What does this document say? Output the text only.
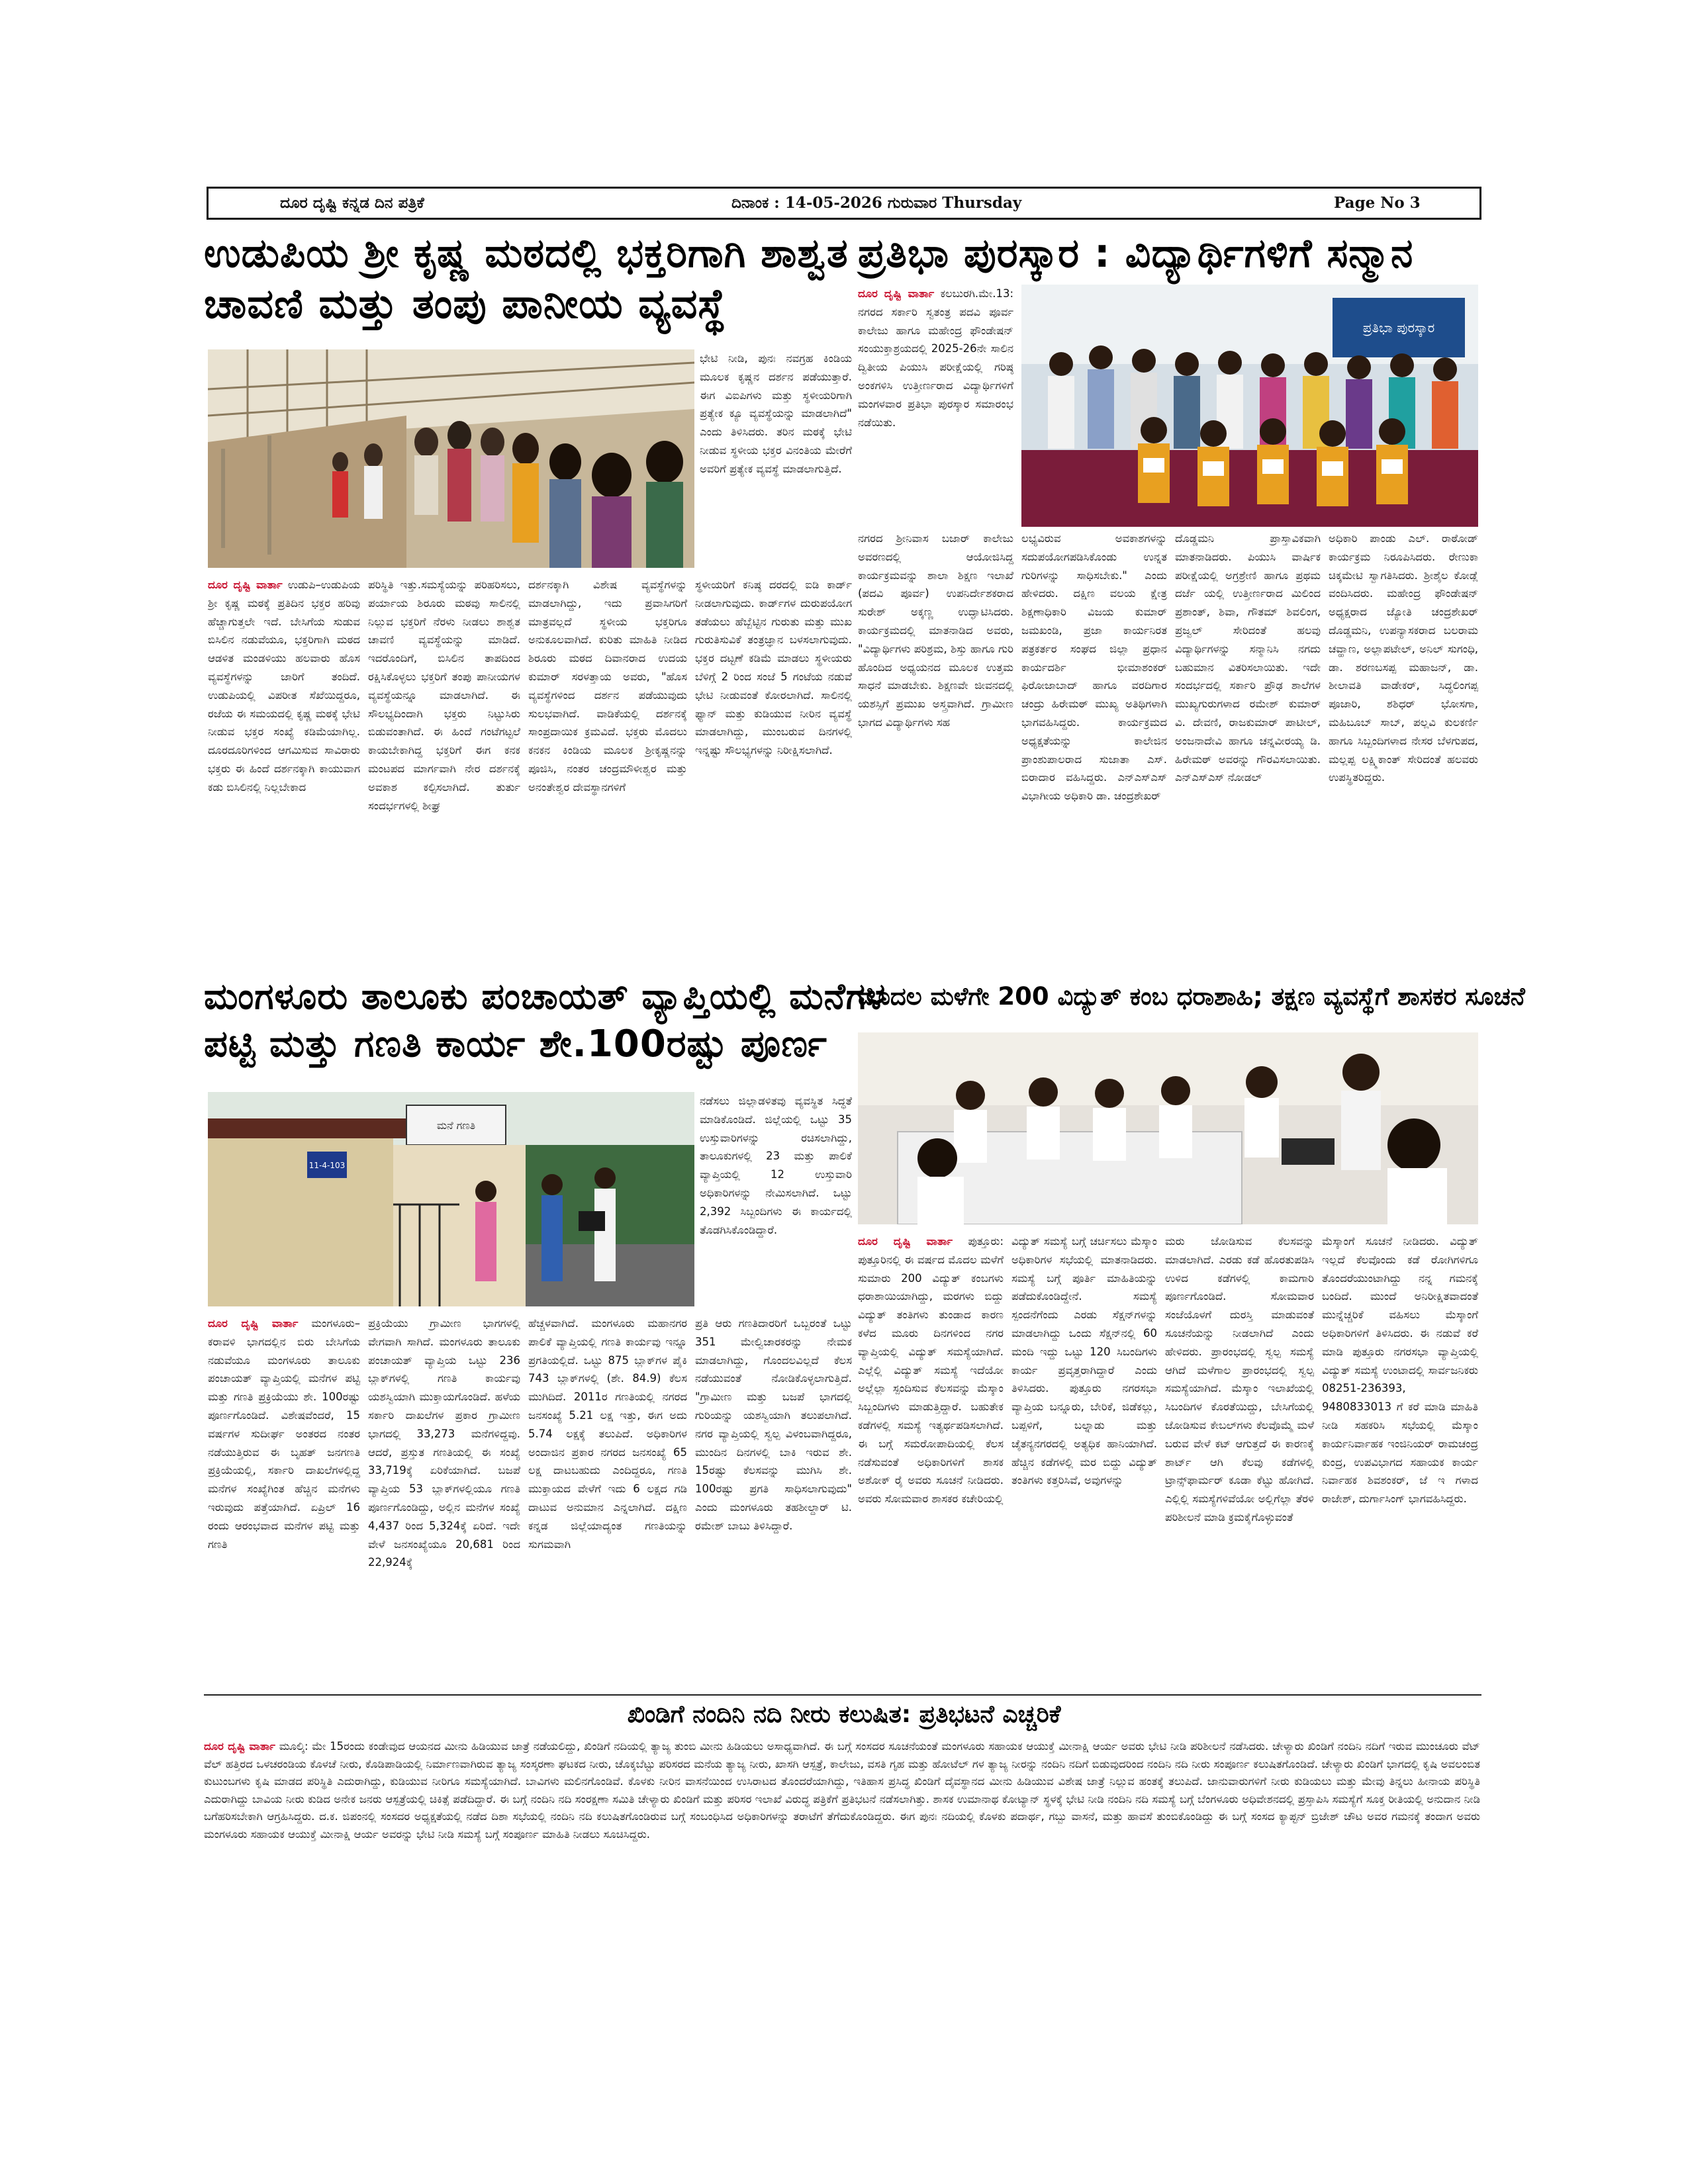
ದೂರ ದೃಷ್ಟಿ ಕನ್ನಡ ದಿನ ಪತ್ರಿಕೆ	ದಿನಾಂಕ : 14-05-2026 ಗುರುವಾರ Thursday	Page No 3
ಉಡುಪಿಯ ಶ್ರೀ ಕೃಷ್ಣ ಮಠದಲ್ಲಿ ಭಕ್ತರಿಗಾಗಿ ಶಾಶ್ವತ
ಚಾವಣಿ ಮತ್ತು ತಂಪು ಪಾನೀಯ ವ್ಯವಸ್ಥೆ

ಭೇಟಿ ನೀಡಿ, ಪುನಃ ನವಗ್ರಹ ಕಿಂಡಿಯ ಮೂಲಕ ಕೃಷ್ಣನ ದರ್ಶನ ಪಡೆಯುತ್ತಾರೆ. ಈಗ ವಿಐಪಿಗಳು ಮತ್ತು ಸ್ಥಳೀಯರಿಗಾಗಿ ಪ್ರತ್ಯೇಕ ಕ್ಯೂ ವ್ಯವಸ್ಥೆಯನ್ನು ಮಾಡಲಾಗಿದೆ" ಎಂದು ತಿಳಿಸಿದರು. ತರಿನ ಮಠಕ್ಕೆ ಭೇಟಿ ನೀಡುವ ಸ್ಥಳೀಯ ಭಕ್ತರ ವಿನಂತಿಯ ಮೇರೆಗೆ ಅವರಿಗೆ ಪ್ರತ್ಯೇಕ ವ್ಯವಸ್ಥೆ ಮಾಡಲಾಗುತ್ತಿದೆ.

ದೂರ ದೃಷ್ಟಿ ವಾರ್ತಾ ಉಡುಪಿ–ಉಡುಪಿಯ ಶ್ರೀ ಕೃಷ್ಣ ಮಠಕ್ಕೆ ಪ್ರತಿದಿನ ಭಕ್ತರ ಹರಿವು ಹೆಚ್ಚಾಗುತ್ತಲೇ ಇದೆ. ಬೇಸಿಗೆಯ ಸುಡುವ ಬಿಸಿಲಿನ ನಡುವೆಯೂ, ಭಕ್ತರಿಗಾಗಿ ಮಠದ ಆಡಳಿತ ಮಂಡಳಿಯು ಹಲವಾರು ಹೊಸ ವ್ಯವಸ್ಥೆಗಳನ್ನು ಜಾರಿಗೆ ತಂದಿದೆ. ಉಡುಪಿಯಲ್ಲಿ ವಿಪರೀತ ಸೆಖೆಯಿದ್ದರೂ, ರಜೆಯ ಈ ಸಮಯದಲ್ಲಿ ಕೃಷ್ಣ ಮಠಕ್ಕೆ ಭೇಟಿ ನೀಡುವ ಭಕ್ತರ ಸಂಖ್ಯೆ ಕಡಿಮೆಯಾಗಿಲ್ಲ. ದೂರದೂರಿಗಳಿಂದ ಆಗಮಿಸುವ ಸಾವಿರಾರು ಭಕ್ತರು ಈ ಹಿಂದೆ ದರ್ಶನಕ್ಕಾಗಿ ಕಾಯುವಾಗ ಕಡು ಬಿಸಿಲಿನಲ್ಲಿ ನಿಲ್ಲಬೇಕಾದ

ಪರಿಸ್ಥಿತಿ ಇತ್ತು.ಸಮಸ್ಯೆಯನ್ನು ಪರಿಹರಿಸಲು, ಪರ್ಯಾಯ ಶಿರೂರು ಮಠವು ಸಾಲಿನಲ್ಲಿ ನಿಲ್ಲುವ ಭಕ್ತರಿಗೆ ನೆರಳು ನೀಡಲು ಶಾಶ್ವತ ಚಾವಣಿ ವ್ಯವಸ್ಥೆಯನ್ನು ಮಾಡಿದೆ. ಇದರೊಂದಿಗೆ, ಬಿಸಿಲಿನ ತಾಪದಿಂದ ರಕ್ಷಿಸಿಕೊಳ್ಳಲು ಭಕ್ತರಿಗೆ ತಂಪು ಪಾನೀಯಗಳ ವ್ಯವಸ್ಥೆಯನ್ನೂ ಮಾಡಲಾಗಿದೆ. ಈ ಸೌಲಭ್ಯದಿಂದಾಗಿ ಭಕ್ತರು ನಿಟ್ಟುಸಿರು ಬಿಡುವಂತಾಗಿದೆ. ಈ ಹಿಂದೆ ಗಂಟೆಗಟ್ಟಲೆ ಕಾಯಬೇಕಾಗಿದ್ದ ಭಕ್ತರಿಗೆ ಈಗ ಕನಕ ಮಂಟಪದ ಮಾರ್ಗವಾಗಿ ನೇರ ದರ್ಶನಕ್ಕೆ ಅವಕಾಶ ಕಲ್ಪಿಸಲಾಗಿದೆ. ತುರ್ತು ಸಂದರ್ಭಗಳಲ್ಲಿ ಶೀಘ್ರ

ದರ್ಶನಕ್ಕಾಗಿ ವಿಶೇಷ ವ್ಯವಸ್ಥೆಗಳನ್ನು ಮಾಡಲಾಗಿದ್ದು, ಇದು ಪ್ರವಾಸಿಗರಿಗೆ ಮಾತ್ರವಲ್ಲದೆ ಸ್ಥಳೀಯ ಭಕ್ತರಿಗೂ ಅನುಕೂಲವಾಗಿದೆ. ಕುರಿತು ಮಾಹಿತಿ ನೀಡಿದ ಶಿರೂರು ಮಠದ ದಿವಾನರಾದ ಉದಯ ಕುಮಾರ್ ಸರಳತ್ತಾಯ ಅವರು, "ಹೊಸ ವ್ಯವಸ್ಥೆಗಳಿಂದ ದರ್ಶನ ಪಡೆಯುವುದು ಸುಲಭವಾಗಿದೆ. ವಾಡಿಕೆಯಲ್ಲಿ ದರ್ಶನಕ್ಕೆ ಸಾಂಪ್ರದಾಯಿಕ ಕ್ರಮವಿದೆ. ಭಕ್ತರು ಮೊದಲು ಕನಕನ ಕಿಂಡಿಯ ಮೂಲಕ ಶ್ರೀಕೃಷ್ಣನನ್ನು ಪೂಜಿಸಿ, ನಂತರ ಚಂದ್ರಮೌಳೀಶ್ವರ ಮತ್ತು ಅನಂತೇಶ್ವರ ದೇವಸ್ಥಾನಗಳಿಗೆ

ಸ್ಥಳೀಯರಿಗೆ ಕನಿಷ್ಠ ದರದಲ್ಲಿ ಐಡಿ ಕಾರ್ಡ್ ನೀಡಲಾಗುವುದು. ಕಾರ್ಡ್‌ಗಳ ದುರುಪಯೋಗ ತಡೆಯಲು ಹೆಬ್ಬೆಟ್ಟಿನ ಗುರುತು ಮತ್ತು ಮುಖ ಗುರುತಿಸುವಿಕೆ ತಂತ್ರಜ್ಞಾನ ಬಳಸಲಾಗುವುದು. ಭಕ್ತರ ದಟ್ಟಣೆ ಕಡಿಮೆ ಮಾಡಲು ಸ್ಥಳೀಯರು ಬೆಳಿಗ್ಗೆ 2 ರಿಂದ ಸಂಜೆ 5 ಗಂಟೆಯ ನಡುವೆ ಭೇಟಿ ನೀಡುವಂತೆ ಕೋರಲಾಗಿದೆ. ಸಾಲಿನಲ್ಲಿ ಫ್ಯಾನ್ ಮತ್ತು ಕುಡಿಯುವ ನೀರಿನ ವ್ಯವಸ್ಥೆ ಮಾಡಲಾಗಿದ್ದು, ಮುಂಬರುವ ದಿನಗಳಲ್ಲಿ ಇನ್ನಷ್ಟು ಸೌಲಭ್ಯಗಳನ್ನು ನಿರೀಕ್ಷಿಸಲಾಗಿದೆ.

ಪ್ರತಿಭಾ ಪುರಸ್ಕಾರ : ವಿದ್ಯಾರ್ಥಿಗಳಿಗೆ ಸನ್ಮಾನ

ದೂರ ದೃಷ್ಟಿ ವಾರ್ತಾ ಕಲಬುರಗಿ.ಮೇ.13: ನಗರದ ಸರ್ಕಾರಿ ಸ್ವತಂತ್ರ ಪದವಿ ಪೂರ್ವ ಕಾಲೇಜು ಹಾಗೂ ಮಹೇಂದ್ರ ಫೌಂಡೇಷನ್ ಸಂಯುಕ್ತಾಶ್ರಯದಲ್ಲಿ 2025-26ನೇ ಸಾಲಿನ ದ್ವಿತೀಯ ಪಿಯುಸಿ ಪರೀಕ್ಷೆಯಲ್ಲಿ ಗರಿಷ್ಠ ಅಂಕಗಳಿಸಿ ಉತ್ತೀರ್ಣರಾದ ವಿದ್ಯಾರ್ಥಿಗಳಿಗೆ ಮಂಗಳವಾರ ಪ್ರತಿಭಾ ಪುರಸ್ಕಾರ ಸಮಾರಂಭ ನಡೆಯಿತು.

ಪ್ರತಿಭಾ ಪುರಸ್ಕಾರ

ನಗರದ ಶ್ರೀನಿವಾಸ ಬಜಾರ್ ಕಾಲೇಜು ಅವರಣದಲ್ಲಿ ಆಯೋಜಿಸಿದ್ದ ಕಾರ್ಯಕ್ರಮವನ್ನು ಶಾಲಾ ಶಿಕ್ಷಣ ಇಲಾಖೆ (ಪದವಿ ಪೂರ್ವ) ಉಪನಿರ್ದೇಶಕರಾದ ಸುರೇಶ್ ಅಕ್ಕಣ್ಣ ಉದ್ಘಾಟಿಸಿದರು. ಕಾರ್ಯಕ್ರಮದಲ್ಲಿ ಮಾತನಾಡಿದ ಅವರು, "ವಿದ್ಯಾರ್ಥಿಗಳು ಪರಿಶ್ರಮ, ಶಿಸ್ತು ಹಾಗೂ ಗುರಿ ಹೊಂದಿದ ಅಧ್ಯಯನದ ಮೂಲಕ ಉತ್ತಮ ಸಾಧನೆ ಮಾಡಬೇಕು. ಶಿಕ್ಷಣವೇ ಜೀವನದಲ್ಲಿ ಯಶಸ್ಸಿಗೆ ಪ್ರಮುಖ ಅಸ್ತ್ರವಾಗಿದೆ. ಗ್ರಾಮೀಣ ಭಾಗದ ವಿದ್ಯಾರ್ಥಿಗಳು ಸಹ

ಲಭ್ಯವಿರುವ ಅವಕಾಶಗಳನ್ನು ಸದುಪಯೋಗಪಡಿಸಿಕೊಂಡು ಉನ್ನತ ಗುರಿಗಳನ್ನು ಸಾಧಿಸಬೇಕು." ಎಂದು ಹೇಳಿದರು. ದಕ್ಷಿಣ ವಲಯ ಕ್ಷೇತ್ರ ಶಿಕ್ಷಣಾಧಿಕಾರಿ ವಿಜಯ ಕುಮಾರ್ ಜಮಖಂಡಿ, ಪ್ರಜಾ ಕಾರ್ಯನಿರತ ಪತ್ರಕರ್ತರ ಸಂಘದ ಜಿಲ್ಲಾ ಪ್ರಧಾನ ಕಾರ್ಯದರ್ಶಿ ಭೀಮಾಶಂಕರ್ ಫಿರೋಜಾಬಾದ್ ಹಾಗೂ ವರದಿಗಾರ ಚಂದ್ರು ಹಿರೇಮಠ್ ಮುಖ್ಯ ಅತಿಥಿಗಳಾಗಿ ಭಾಗವಹಿಸಿದ್ದರು. ಕಾರ್ಯಕ್ರಮದ ಅಧ್ಯಕ್ಷತೆಯನ್ನು ಕಾಲೇಜಿನ ಪ್ರಾಂಶುಪಾಲರಾದ ಸುಜಾತಾ ಎಸ್. ಬಿರಾದಾರ ವಹಿಸಿದ್ದರು. ಎನ್‌ಎಸ್‌ಎಸ್ ವಿಭಾಗೀಯ ಅಧಿಕಾರಿ ಡಾ. ಚಂದ್ರಶೇಖರ್

ದೊಡ್ಡಮನಿ ಪ್ರಾಸ್ತಾವಿಕವಾಗಿ ಮಾತನಾಡಿದರು. ಪಿಯುಸಿ ವಾರ್ಷಿಕ ಪರೀಕ್ಷೆಯಲ್ಲಿ ಅಗ್ರಶ್ರೇಣಿ ಹಾಗೂ ಪ್ರಥಮ ದರ್ಜೆ ಯಲ್ಲಿ ಉತ್ತೀರ್ಣರಾದ ಮಿಲಿಂದ ಪ್ರಶಾಂತ್, ಶಿವಾ, ಗೌತಮ್ ಶಿವಲಿಂಗ, ಪ್ರಜ್ವಲ್ ಸೇರಿದಂತೆ ಹಲವು ವಿದ್ಯಾರ್ಥಿಗಳನ್ನು ಸನ್ಮಾನಿಸಿ ನಗದು ಬಹುಮಾನ ವಿತರಿಸಲಾಯಿತು. ಇದೇ ಸಂದರ್ಭದಲ್ಲಿ ಸರ್ಕಾರಿ ಪ್ರೌಢ ಶಾಲೆಗಳ ಮುಖ್ಯಗುರುಗಳಾದ ರಮೇಶ್ ಕುಮಾರ್ ವಿ. ದೇವಣಿ, ರಾಜಕುಮಾರ್ ಪಾಟೀಲ್, ಅಂಜನಾದೇವಿ ಹಾಗೂ ಚನ್ನವೀರಯ್ಯ ಡಿ. ಹಿರೇಮಠ್ ಅವರನ್ನು ಗೌರವಿಸಲಾಯಿತು. ಎನ್‌ಎಸ್‌ಎಸ್ ನೋಡಲ್

ಅಧಿಕಾರಿ ಪಾಂಡು ಎಲ್. ರಾಠೋಡ್ ಕಾರ್ಯಕ್ರಮ ನಿರೂಪಿಸಿದರು. ರೇಣುಕಾ ಚಿಕ್ಕಮೇಟಿ ಸ್ವಾಗತಿಸಿದರು. ಶ್ರೀಶೈಲ ಕೋಡ್ಲೆ ವಂದಿಸಿದರು. ಮಹೇಂದ್ರ ಫೌಂಡೇಷನ್ ಅಧ್ಯಕ್ಷರಾದ ಜ್ಯೋತಿ ಚಂದ್ರಶೇಖರ್ ದೊಡ್ಡಮನಿ, ಉಪನ್ಯಾಸಕರಾದ ಬಲರಾಮ ಚವ್ಹಾಣ, ಅಲ್ಲಾಪಟೇಲ್, ಅನಿಲ್ ಸುಗಂಧಿ, ಡಾ. ಶರಣಬಸಪ್ಪ ಮಹಾಜನ್, ಡಾ. ಶೀಲಾವತಿ ವಾಡೇಕರ್, ಸಿದ್ಧಲಿಂಗಪ್ಪ ಪೂಜಾರಿ, ಶಶಿಧರ್ ಭೋಸಗಾ, ಮಹಿಬೂಬ್ ಸಾಬ್, ಪಲ್ಲವಿ ಕುಲಕರ್ಣಿ ಹಾಗೂ ಸಿಬ್ಬಂದಿಗಳಾದ ನೇಸರ ಬೆಳಗುಪದ, ಮಲ್ಲಪ್ಪ ಲಕ್ಷ್ಮಿಕಾಂತ್ ಸೇರಿದಂತೆ ಹಲವರು ಉಪಸ್ಥಿತರಿದ್ದರು.

ಮಂಗಳೂರು ತಾಲೂಕು ಪಂಚಾಯತ್ ವ್ಯಾಪ್ತಿಯಲ್ಲಿ ಮನೆಗಳ
ಪಟ್ಟಿ ಮತ್ತು ಗಣತಿ ಕಾರ್ಯ ಶೇ.100ರಷ್ಟು ಪೂರ್ಣ
11-4-103
ಮನೆ ಗಣತಿ

ನಡೆಸಲು ಜಿಲ್ಲಾಡಳಿತವು ವ್ಯವಸ್ಥಿತ ಸಿದ್ಧತೆ ಮಾಡಿಕೊಂಡಿದೆ. ಜಿಲ್ಲೆಯಲ್ಲಿ ಒಟ್ಟು 35 ಉಸ್ತುವಾರಿಗಳನ್ನು ರಚಿಸಲಾಗಿದ್ದು, ತಾಲೂಕುಗಳಲ್ಲಿ 23 ಮತ್ತು ಪಾಲಿಕೆ ವ್ಯಾಪ್ತಿಯಲ್ಲಿ 12 ಉಸ್ತುವಾರಿ ಅಧಿಕಾರಿಗಳನ್ನು ನೇಮಿಸಲಾಗಿದೆ. ಒಟ್ಟು 2,392 ಸಿಬ್ಬಂದಿಗಳು ಈ ಕಾರ್ಯದಲ್ಲಿ ತೊಡಗಿಸಿಕೊಂಡಿದ್ದಾರೆ.

ದೂರ ದೃಷ್ಟಿ ವಾರ್ತಾ ಮಂಗಳೂರು– ಕರಾವಳಿ ಭಾಗದಲ್ಲಿನ ಬಿರು ಬೇಸಿಗೆಯ ನಡುವೆಯೂ ಮಂಗಳೂರು ತಾಲೂಕು ಪಂಚಾಯತ್ ವ್ಯಾಪ್ತಿಯಲ್ಲಿ ಮನೆಗಳ ಪಟ್ಟಿ ಮತ್ತು ಗಣತಿ ಪ್ರಕ್ರಿಯೆಯು ಶೇ. 100ರಷ್ಟು ಪೂರ್ಣಗೊಂಡಿದೆ. ವಿಶೇಷವೆಂದರೆ, 15 ವರ್ಷಗಳ ಸುದೀರ್ಘ ಅಂತರದ ನಂತರ ನಡೆಯುತ್ತಿರುವ ಈ ಬೃಹತ್ ಜನಗಣತಿ ಪ್ರಕ್ರಿಯೆಯಲ್ಲಿ, ಸರ್ಕಾರಿ ದಾಖಲೆಗಳಲ್ಲಿದ್ದ ಮನೆಗಳ ಸಂಖ್ಯೆಗಿಂತ ಹೆಚ್ಚಿನ ಮನೆಗಳು ಇರುವುದು ಪತ್ತೆಯಾಗಿದೆ. ಏಪ್ರಿಲ್ 16 ರಂದು ಆರಂಭವಾದ ಮನೆಗಳ ಪಟ್ಟಿ ಮತ್ತು ಗಣತಿ

ಪ್ರಕ್ರಿಯೆಯು ಗ್ರಾಮೀಣ ಭಾಗಗಳಲ್ಲಿ ವೇಗವಾಗಿ ಸಾಗಿದೆ. ಮಂಗಳೂರು ತಾಲೂಕು ಪಂಚಾಯತ್ ವ್ಯಾಪ್ತಿಯ ಒಟ್ಟು 236 ಬ್ಲಾಕ್‌ಗಳಲ್ಲಿ ಗಣತಿ ಕಾರ್ಯವು ಯಶಸ್ವಿಯಾಗಿ ಮುಕ್ತಾಯಗೊಂಡಿದೆ. ಹಳೆಯ ಸರ್ಕಾರಿ ದಾಖಲೆಗಳ ಪ್ರಕಾರ ಗ್ರಾಮೀಣ ಭಾಗದಲ್ಲಿ 33,273 ಮನೆಗಳಿದ್ದವು. ಆದರೆ, ಪ್ರಸ್ತುತ ಗಣತಿಯಲ್ಲಿ ಈ ಸಂಖ್ಯೆ 33,719ಕ್ಕೆ ಏರಿಕೆಯಾಗಿದೆ. ಬಜಪೆ ವ್ಯಾಪ್ತಿಯ 53 ಬ್ಲಾಕ್‌ಗಳಲ್ಲಿಯೂ ಗಣತಿ ಪೂರ್ಣಗೊಂಡಿದ್ದು, ಅಲ್ಲಿನ ಮನೆಗಳ ಸಂಖ್ಯೆ 4,437 ರಿಂದ 5,324ಕ್ಕೆ ಏರಿದೆ. ಇದೇ ವೇಳೆ ಜನಸಂಖ್ಯೆಯೂ 20,681 ರಿಂದ 22,924ಕ್ಕೆ

ಹೆಚ್ಚಳವಾಗಿದೆ. ಮಂಗಳೂರು ಮಹಾನಗರ ಪಾಲಿಕೆ ವ್ಯಾಪ್ತಿಯಲ್ಲಿ ಗಣತಿ ಕಾರ್ಯವು ಇನ್ನೂ ಪ್ರಗತಿಯಲ್ಲಿದೆ. ಒಟ್ಟು 875 ಬ್ಲಾಕ್‌ಗಳ ಪೈಕಿ 743 ಬ್ಲಾಕ್‌ಗಳಲ್ಲಿ (ಶೇ. 84.9) ಕೆಲಸ ಮುಗಿದಿದೆ. 2011ರ ಗಣತಿಯಲ್ಲಿ ನಗರದ ಜನಸಂಖ್ಯೆ 5.21 ಲಕ್ಷ ಇತ್ತು, ಈಗ ಅದು 5.74 ಲಕ್ಷಕ್ಕೆ ತಲುಪಿದೆ. ಅಧಿಕಾರಿಗಳ ಅಂದಾಜಿನ ಪ್ರಕಾರ ನಗರದ ಜನಸಂಖ್ಯೆ 65 ಲಕ್ಷ ದಾಟಬಹುದು ಎಂದಿದ್ದರೂ, ಗಣತಿ ಮುಕ್ತಾಯದ ವೇಳೆಗೆ ಇದು 6 ಲಕ್ಷದ ಗಡಿ ದಾಟುವ ಅನುಮಾನ ಎನ್ನಲಾಗಿದೆ. ದಕ್ಷಿಣ ಕನ್ನಡ ಜಿಲ್ಲೆಯಾದ್ಯಂತ ಗಣತಿಯನ್ನು ಸುಗಮವಾಗಿ

ಪ್ರತಿ ಆರು ಗಣತಿದಾರರಿಗೆ ಒಬ್ಬರಂತೆ ಒಟ್ಟು 351 ಮೇಲ್ವಿಚಾರಕರನ್ನು ನೇಮಕ ಮಾಡಲಾಗಿದ್ದು, ಗೊಂದಲವಿಲ್ಲದೆ ಕೆಲಸ ನಡೆಯುವಂತೆ ನೋಡಿಕೊಳ್ಳಲಾಗುತ್ತಿದೆ. "ಗ್ರಾಮೀಣ ಮತ್ತು ಬಜಪೆ ಭಾಗದಲ್ಲಿ ಗುರಿಯನ್ನು ಯಶಸ್ವಿಯಾಗಿ ತಲುಪಲಾಗಿದೆ. ನಗರ ವ್ಯಾಪ್ತಿಯಲ್ಲಿ ಸ್ವಲ್ಪ ವಿಳಂಬವಾಗಿದ್ದರೂ, ಮುಂದಿನ ದಿನಗಳಲ್ಲಿ ಬಾಕಿ ಇರುವ ಶೇ. 15ರಷ್ಟು ಕೆಲಸವನ್ನು ಮುಗಿಸಿ ಶೇ. 100ರಷ್ಟು ಪ್ರಗತಿ ಸಾಧಿಸಲಾಗುವುದು" ಎಂದು ಮಂಗಳೂರು ತಹಶೀಲ್ದಾರ್ ಟಿ. ರಮೇಶ್ ಬಾಬು ತಿಳಿಸಿದ್ದಾರೆ.

ಮೊದಲ ಮಳೆಗೇ 200 ವಿದ್ಯುತ್ ಕಂಬ ಧರಾಶಾಹಿ; ತಕ್ಷಣ ವ್ಯವಸ್ಥೆಗೆ ಶಾಸಕರ ಸೂಚನೆ

ದೂರ ದೃಷ್ಟಿ ವಾರ್ತಾ ಪುತ್ತೂರು: ಪುತ್ತೂರಿನಲ್ಲಿ ಈ ವರ್ಷದ ಮೊದಲ ಮಳೆಗೆ ಸುಮಾರು 200 ವಿದ್ಯುತ್ ಕಂಬಗಳು ಧರಾಶಾಯಿಯಾಗಿದ್ದು, ಮರಗಳು ಬಿದ್ದು ವಿದ್ಯುತ್ ತಂತಿಗಳು ತುಂಡಾದ ಕಾರಣ ಕಳೆದ ಮೂರು ದಿನಗಳಿಂದ ನಗರ ವ್ಯಾಪ್ತಿಯಲ್ಲಿ ವಿದ್ಯುತ್ ಸಮಸ್ಯೆಯಾಗಿದೆ. ಎಲ್ಲೆಲ್ಲಿ ವಿದ್ಯುತ್ ಸಮಸ್ಯೆ ಇದೆಯೋ ಅಲ್ಲೆಲ್ಲಾ ಸ್ಪಂದಿಸುವ ಕೆಲಸವನ್ನು ಮೆಸ್ಕಾಂ ಸಿಬ್ಬಂದಿಗಳು ಮಾಡುತ್ತಿದ್ದಾರೆ. ಬಹುತೇಕ ಕಡೆಗಳಲ್ಲಿ ಸಮಸ್ಯೆ ಇತ್ಯರ್ಥಪಡಿಸಲಾಗಿದೆ. ಈ ಬಗ್ಗೆ ಸಮರೋಪಾದಿಯಲ್ಲಿ ಕೆಲಸ ನಡೆಸುವಂತೆ ಅಧಿಕಾರಿಗಳಿಗೆ ಶಾಸಕ ಅಶೋಕ್ ರೈ ಅವರು ಸೂಚನೆ ನೀಡಿದರು. ಅವರು ಸೋಮವಾರ ಶಾಸಕರ ಕಚೇರಿಯಲ್ಲಿ

ವಿದ್ಯುತ್ ಸಮಸ್ಯೆ ಬಗ್ಗೆ ಚರ್ಚಿಸಲು ಮೆಸ್ಕಾಂ ಅಧಿಕಾರಿಗಳ ಸಭೆಯಲ್ಲಿ ಮಾತನಾಡಿದರು. ಸಮಸ್ಯೆ ಬಗ್ಗೆ ಪೂರ್ತಿ ಮಾಹಿತಿಯನ್ನು ಪಡೆದುಕೊಂಡಿದ್ದೇನೆ. ಸಮಸ್ಯೆ ಸ್ಪಂದನೆಗೆಂದು ಎರಡು ಸೆಕ್ಷನ್‌ಗಳನ್ನು ಮಾಡಲಾಗಿದ್ದು ಒಂದು ಸೆಕ್ಷನ್‌ನಲ್ಲಿ 60 ಮಂದಿ ಇದ್ದು ಒಟ್ಟು 120 ಸಿಬಂದಿಗಳು ಕಾರ್ಯ ಪ್ರವೃತ್ತರಾಗಿದ್ದಾರೆ ಎಂದು ತಿಳಿಸಿದರು. ಪುತ್ತೂರು ನಗರಸಭಾ ವ್ಯಾಪ್ತಿಯ ಬನ್ನೂರು, ಬೇರಿಕೆ, ಜಿಡೆಕಲ್ಲು, ಬಪ್ಪಳಿಗೆ, ಬಲ್ನಾಡು ಮತ್ತು ಚೈತನ್ಯನಗರದಲ್ಲಿ ಅತ್ಯಧಿಕ ಹಾನಿಯಾಗಿದೆ. ಹೆಚ್ಚಿನ ಕಡೆಗಳಲ್ಲಿ ಮರ ಬಿದ್ದು ವಿದ್ಯುತ್ ತಂತಿಗಳು ಕತ್ತರಿಸಿವೆ, ಅವುಗಳನ್ನು

ಮರು ಜೋಡಿಸುವ ಕೆಲಸವನ್ನು ಮಾಡಲಾಗಿದೆ. ಎರಡು ಕಡೆ ಹೊರತುಪಡಿಸಿ ಉಳಿದ ಕಡೆಗಳಲ್ಲಿ ಕಾಮಗಾರಿ ಪೂರ್ಣಗೊಂಡಿದೆ. ಸೋಮವಾರ ಸಂಜೆಯೊಳಗೆ ದುರಸ್ತಿ ಮಾಡುವಂತೆ ಸೂಚನೆಯನ್ನು ನೀಡಲಾಗಿದೆ ಎಂದು ಹೇಳಿದರು. ಪ್ರಾರಂಭದಲ್ಲಿ ಸ್ವಲ್ಪ ಸಮಸ್ಯೆ ಆಗಿದೆ ಮಳೆಗಾಲ ಪ್ರಾರಂಭದಲ್ಲಿ ಸ್ವಲ್ಪ ಸಮಸ್ಯೆಯಾಗಿದೆ. ಮೆಸ್ಕಾಂ ಇಲಾಖೆಯಲ್ಲಿ ಸಿಬಂದಿಗಳ ಕೊರತೆಯಿದ್ದು, ಬೇಸಿಗೆಯಲ್ಲಿ ಜೋಡಿಸುವ ಕೇಬಲ್‌ಗಳು ಕೆಲವೊಮ್ಮೆ ಮಳೆ ಬರುವ ವೇಳೆ ಕಟ್ ಆಗುತ್ತದೆ ಈ ಕಾರಣಕ್ಕೆ ಶಾರ್ಟ್ ಆಗಿ ಕೆಲವು ಕಡೆಗಳಲ್ಲಿ ಟ್ರಾನ್ಸ್‌ಫಾರ್ಮರ್ ಕೂಡಾ ಕೆಟ್ಟು ಹೋಗಿದೆ. ಎಲ್ಲಿಲ್ಲಿ ಸಮಸ್ಯೆಗಳಿವೆಯೋ ಅಲ್ಲಿಗೆಲ್ಲಾ ತೆರಳಿ ಪರಿಶೀಲನೆ ಮಾಡಿ ಕ್ರಮಕೈಗೊಳ್ಳುವಂತೆ

ಮೆಸ್ಕಾಂಗೆ ಸೂಚನೆ ನೀಡಿದರು. ವಿದ್ಯುತ್ ಇಲ್ಲದೆ ಕೆಲವೊಂದು ಕಡೆ ರೋಗಿಗಳಿಗೂ ತೊಂದರೆಯುಂಟಾಗಿದ್ದು ನನ್ನ ಗಮನಕ್ಕೆ ಬಂದಿದೆ. ಮುಂದೆ ಅನಿರೀಕ್ಷಿತವಾದಂತೆ ಮುನ್ನೆಚ್ಚರಿಕೆ ವಹಿಸಲು ಮೆಸ್ಕಾಂಗೆ ಅಧಿಕಾರಿಗಳಿಗೆ ತಿಳಿಸಿದರು. ಈ ನಡುವೆ ಕರೆ ಮಾಡಿ ಪುತ್ತೂರು ನಗರಸಭಾ ವ್ಯಾಪ್ತಿಯಲ್ಲಿ ವಿದ್ಯುತ್ ಸಮಸ್ಯೆ ಉಂಟಾದಲ್ಲಿ ಸಾರ್ವಜನಿಕರು 08251-236393, 9480833013 ಗೆ ಕರೆ ಮಾಡಿ ಮಾಹಿತಿ ನೀಡಿ ಸಹಕರಿಸಿ ಸಭೆಯಲ್ಲಿ ಮೆಸ್ಕಾಂ ಕಾರ್ಯನಿರ್ವಾಹಕ ಇಂಜಿನಿಯರ್ ರಾಮಚಂದ್ರ ಕುಂದ್ರ, ಉಪವಿಭಾಗದ ಸಹಾಯಕ ಕಾರ್ಯ ನಿರ್ವಾಹಕ ಶಿವಶಂಕರ್, ಜೆ ಇ ಗಳಾದ ರಾಜೇಶ್, ದುರ್ಗಾಸಿಂಗ್ ಭಾಗವಹಿಸಿದ್ದರು.

ಖಿಂಡಿಗೆ ನಂದಿನಿ ನದಿ ನೀರು ಕಲುಷಿತ: ಪ್ರತಿಭಟನೆ ಎಚ್ಚರಿಕೆ

ದೂರ ದೃಷ್ಟಿ ವಾರ್ತಾ ಮೂಲ್ಕಿ: ಮೇ 15ರಂದು ಕಂಡೇವುದ ಆಯನದ ಮೀನು ಹಿಡಿಯುವ ಜಾತ್ರೆ ನಡೆಯಲಿದ್ದು, ಖಿಂಡಿಗೆ ನದಿಯಲ್ಲಿ ತ್ಯಾಜ್ಯ ತುಂಬಿ ಮೀನು ಹಿಡಿಯಲು ಅಸಾಧ್ಯವಾಗಿದೆ. ಈ ಬಗ್ಗೆ ಸಂಸದರ ಸೂಚನೆಯಂತೆ ಮಂಗಳೂರು ಸಹಾಯಕ ಆಯುಕ್ತೆ ಮೀನಾಕ್ಷಿ ಆರ್ಯ ಅವರು ಭೇಟಿ ನೀಡಿ ಪರಿಶೀಲನೆ ನಡೆಸಿದರು. ಚೇಳ್ಯಾರು ಖಿಂಡಿಗೆ ನಂದಿನಿ ನದಿಗೆ ಇರುವ ಮುಂಚೂರು ವೆಟ್ ವೆಲ್ ಹತ್ತಿರದ ಒಳಚರಂಡಿಯ ಕೊಳಚೆ ನೀರು, ಕೊಡಿಪಾಡಿಯಲ್ಲಿ ನಿರ್ಮಾಣವಾಗಿರುವ ತ್ಯಾಜ್ಯ ಸಂಸ್ಕರಣಾ ಘಟಕದ ನೀರು, ಚೊಕ್ಕಬೆಟ್ಟು ಪರಿಸರದ ಮನೆಯ ತ್ಯಾಜ್ಯ ನೀರು, ಖಾಸಗಿ ಆಸ್ಪತ್ರೆ, ಕಾಲೇಜು, ವಸತಿ ಗೃಹ ಮತ್ತು ಹೋಟೆಲ್ ಗಳ ತ್ಯಾಜ್ಯ ನೀರನ್ನು ನಂದಿನಿ ನದಿಗೆ ಬಿಡುವುದರಿಂದ ನಂದಿನಿ ನದಿ ನೀರು ಸಂಪೂರ್ಣ ಕಲುಷಿತಗೊಂಡಿದೆ. ಚೇಳ್ಯಾರು ಖಿಂಡಿಗೆ ಭಾಗದಲ್ಲಿ ಕೃಷಿ ಅವಲಂಬಿತ ಕುಟುಂಬಗಳು ಕೃಷಿ ಮಾಡದ ಪರಿಸ್ಥಿತಿ ಎದುರಾಗಿದ್ದು, ಕುಡಿಯುವ ನೀರಿಗೂ ಸಮಸ್ಯೆಯಾಗಿದೆ. ಬಾವಿಗಳು ಮಲಿನಗೊಂಡಿವೆ. ಕೊಳಕು ನೀರಿನ ವಾಸನೆಯಿಂದ ಉಸಿರಾಟದ ತೊಂದರೆಯಾಗಿದ್ದು, ಇತಿಹಾಸ ಪ್ರಸಿದ್ಧ ಖಿಂಡಿಗೆ ದೈವಸ್ಥಾನದ ಮೀನು ಹಿಡಿಯುವ ವಿಶೇಷ ಜಾತ್ರೆ ನಿಲ್ಲುವ ಹಂತಕ್ಕೆ ತಲುಪಿದೆ. ಜಾನುವಾರುಗಳಿಗೆ ನೀರು ಕುಡಿಯಲು ಮತ್ತು ಮೇವು ತಿನ್ನಲು ಹೀನಾಯ ಪರಿಸ್ಥಿತಿ ಎದುರಾಗಿದ್ದು ಬಾವಿಯ ನೀರು ಕುಡಿದ ಅನೇಕ ಜನರು ಆಸ್ಪತ್ರೆಯಲ್ಲಿ ಚಿಕಿತ್ಸೆ ಪಡೆದಿದ್ದಾರೆ. ಈ ಬಗ್ಗೆ ನಂದಿನಿ ನದಿ ಸಂರಕ್ಷಣಾ ಸಮಿತಿ ಚೇಳ್ಯಾರು ಖಿಂಡಿಗೆ ಮತ್ತು ಪರಿಸರ ಇಲಾಖೆ ವಿರುದ್ಧ ಪತ್ರಿಕೆಗೆ ಪ್ರತಿಭಟನೆ ನಡೆಸಲಾಗಿತ್ತು. ಶಾಸಕ ಉಮಾನಾಥ ಕೋಟ್ಯಾನ್ ಸ್ಥಳಕ್ಕೆ ಭೇಟಿ ನೀಡಿ ನಂದಿನಿ ನದಿ ಸಮಸ್ಯೆ ಬಗ್ಗೆ ಬೆಂಗಳೂರು ಅಧಿವೇಶನದಲ್ಲಿ ಪ್ರಸ್ತಾಪಿಸಿ ಸಮಸ್ಯೆಗೆ ಸೂಕ್ತ ರೀತಿಯಲ್ಲಿ ಅನುದಾನ ನೀಡಿ ಬಗೆಹರಿಸಬೇಕಾಗಿ ಆಗ್ರಹಿಸಿದ್ದರು. ದ.ಕ. ಜಿಪಂನಲ್ಲಿ ಸಂಸದರ ಅಧ್ಯಕ್ಷತೆಯಲ್ಲಿ ನಡೆದ ದಿಶಾ ಸಭೆಯಲ್ಲಿ ನಂದಿನಿ ನದಿ ಕಲುಷಿತಗೊಂಡಿರುವ ಬಗ್ಗೆ ಸಂಬಂಧಿಸಿದ ಅಧಿಕಾರಿಗಳನ್ನು ತರಾಟೆಗೆ ತೆಗೆದುಕೊಂಡಿದ್ದರು. ಈಗ ಪುನಃ ನದಿಯಲ್ಲಿ ಕೊಳಕು ಪದಾರ್ಥ, ಗಬ್ಬು ವಾಸನೆ, ಮತ್ತು ಹಾವಸೆ ತುಂಬಿಕೊಂಡಿದ್ದು ಈ ಬಗ್ಗೆ ಸಂಸದ ಕ್ಯಾಪ್ಟನ್ ಬ್ರಿಜೇಶ್ ಚೌಟ ಅವರ ಗಮನಕ್ಕೆ ತಂದಾಗ ಅವರು ಮಂಗಳೂರು ಸಹಾಯಕ ಆಯುಕ್ತೆ ಮೀನಾಕ್ಷಿ ಆರ್ಯ ಅವರನ್ನು ಭೇಟಿ ನೀಡಿ ಸಮಸ್ಯೆ ಬಗ್ಗೆ ಸಂಪೂರ್ಣ ಮಾಹಿತಿ ನೀಡಲು ಸೂಚಿಸಿದ್ದರು.
